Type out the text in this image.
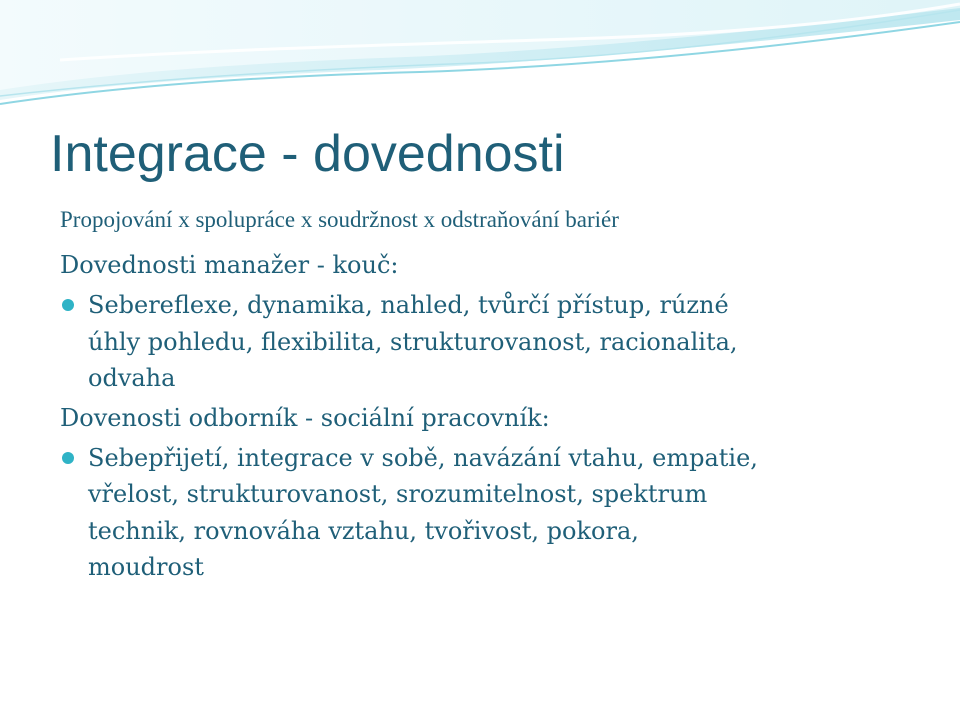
Integrace - dovednosti

Propojování x spolupráce x soudržnost x odstraňování bariér

Dovednosti manažer - kouč:

Sebereflexe, dynamika, nahled, tvůrčí přístup, rúzné
úhly pohledu, flexibilita, strukturovanost, racionalita,
odvaha

Dovenosti odborník - sociální pracovník:

Sebepřijetí, integrace v sobě, navázání vtahu, empatie,
vřelost, strukturovanost, srozumitelnost, spektrum
technik, rovnováha vztahu, tvořivost, pokora,
moudrost
